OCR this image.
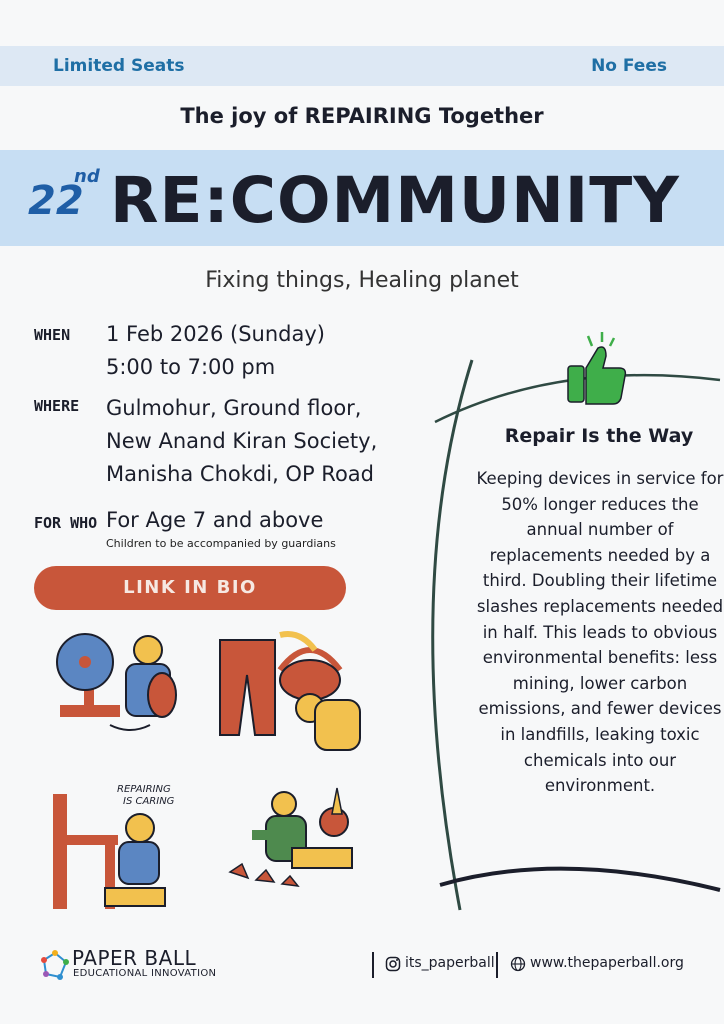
Limited Seats	No Fees
The joy of REPAIRING Together
22
nd RE:COMMUNITY
Fixing things, Healing planet
WHEN 1 Feb 2026 (Sunday)
5:00 to 7:00 pm
WHERE Gulmohur, Ground floor,
New Anand Kiran Society,
Manisha Chokdi, OP Road
FOR WHO For Age 7 and above
Children to be accompanied by guardians
LINK IN BIO
REPAIRING
IS CARING
Repair Is the Way
Keeping devices in service for 50% longer reduces the annual number of replacements needed by a third. Doubling their lifetime slashes replacements needed in half. This leads to obvious environmental benefits: less mining, lower carbon emissions, and fewer devices in landfills, leaking toxic chemicals into our environment.
PAPER BALL
EDUCATIONAL INNOVATION
its_paperball	www.thepaperball.org
